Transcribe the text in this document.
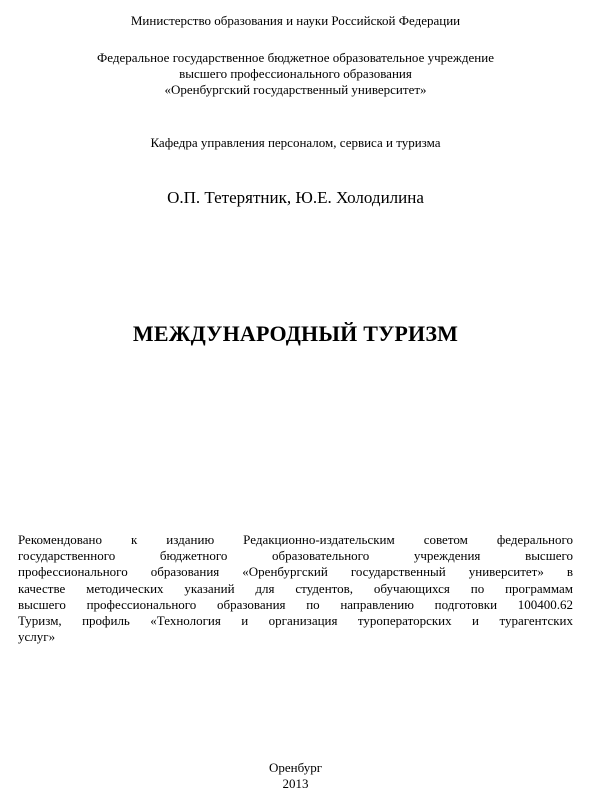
Министерство образования и науки Российской Федерации
Федеральное государственное бюджетное образовательное учреждение
высшего профессионального образования
«Оренбургский государственный университет»
Кафедра управления персоналом, сервиса и туризма
О.П. Тетерятник, Ю.Е. Холодилина
МЕЖДУНАРОДНЫЙ ТУРИЗМ
Рекомендовано к изданию Редакционно-издательским советом федерального
государственного бюджетного образовательного учреждения высшего
профессионального образования «Оренбургский государственный университет» в
качестве методических указаний для студентов, обучающихся по программам
высшего профессионального образования по направлению подготовки 100400.62
Туризм, профиль «Технология и организация туроператорских и турагентских
услуг»
Оренбург
2013
